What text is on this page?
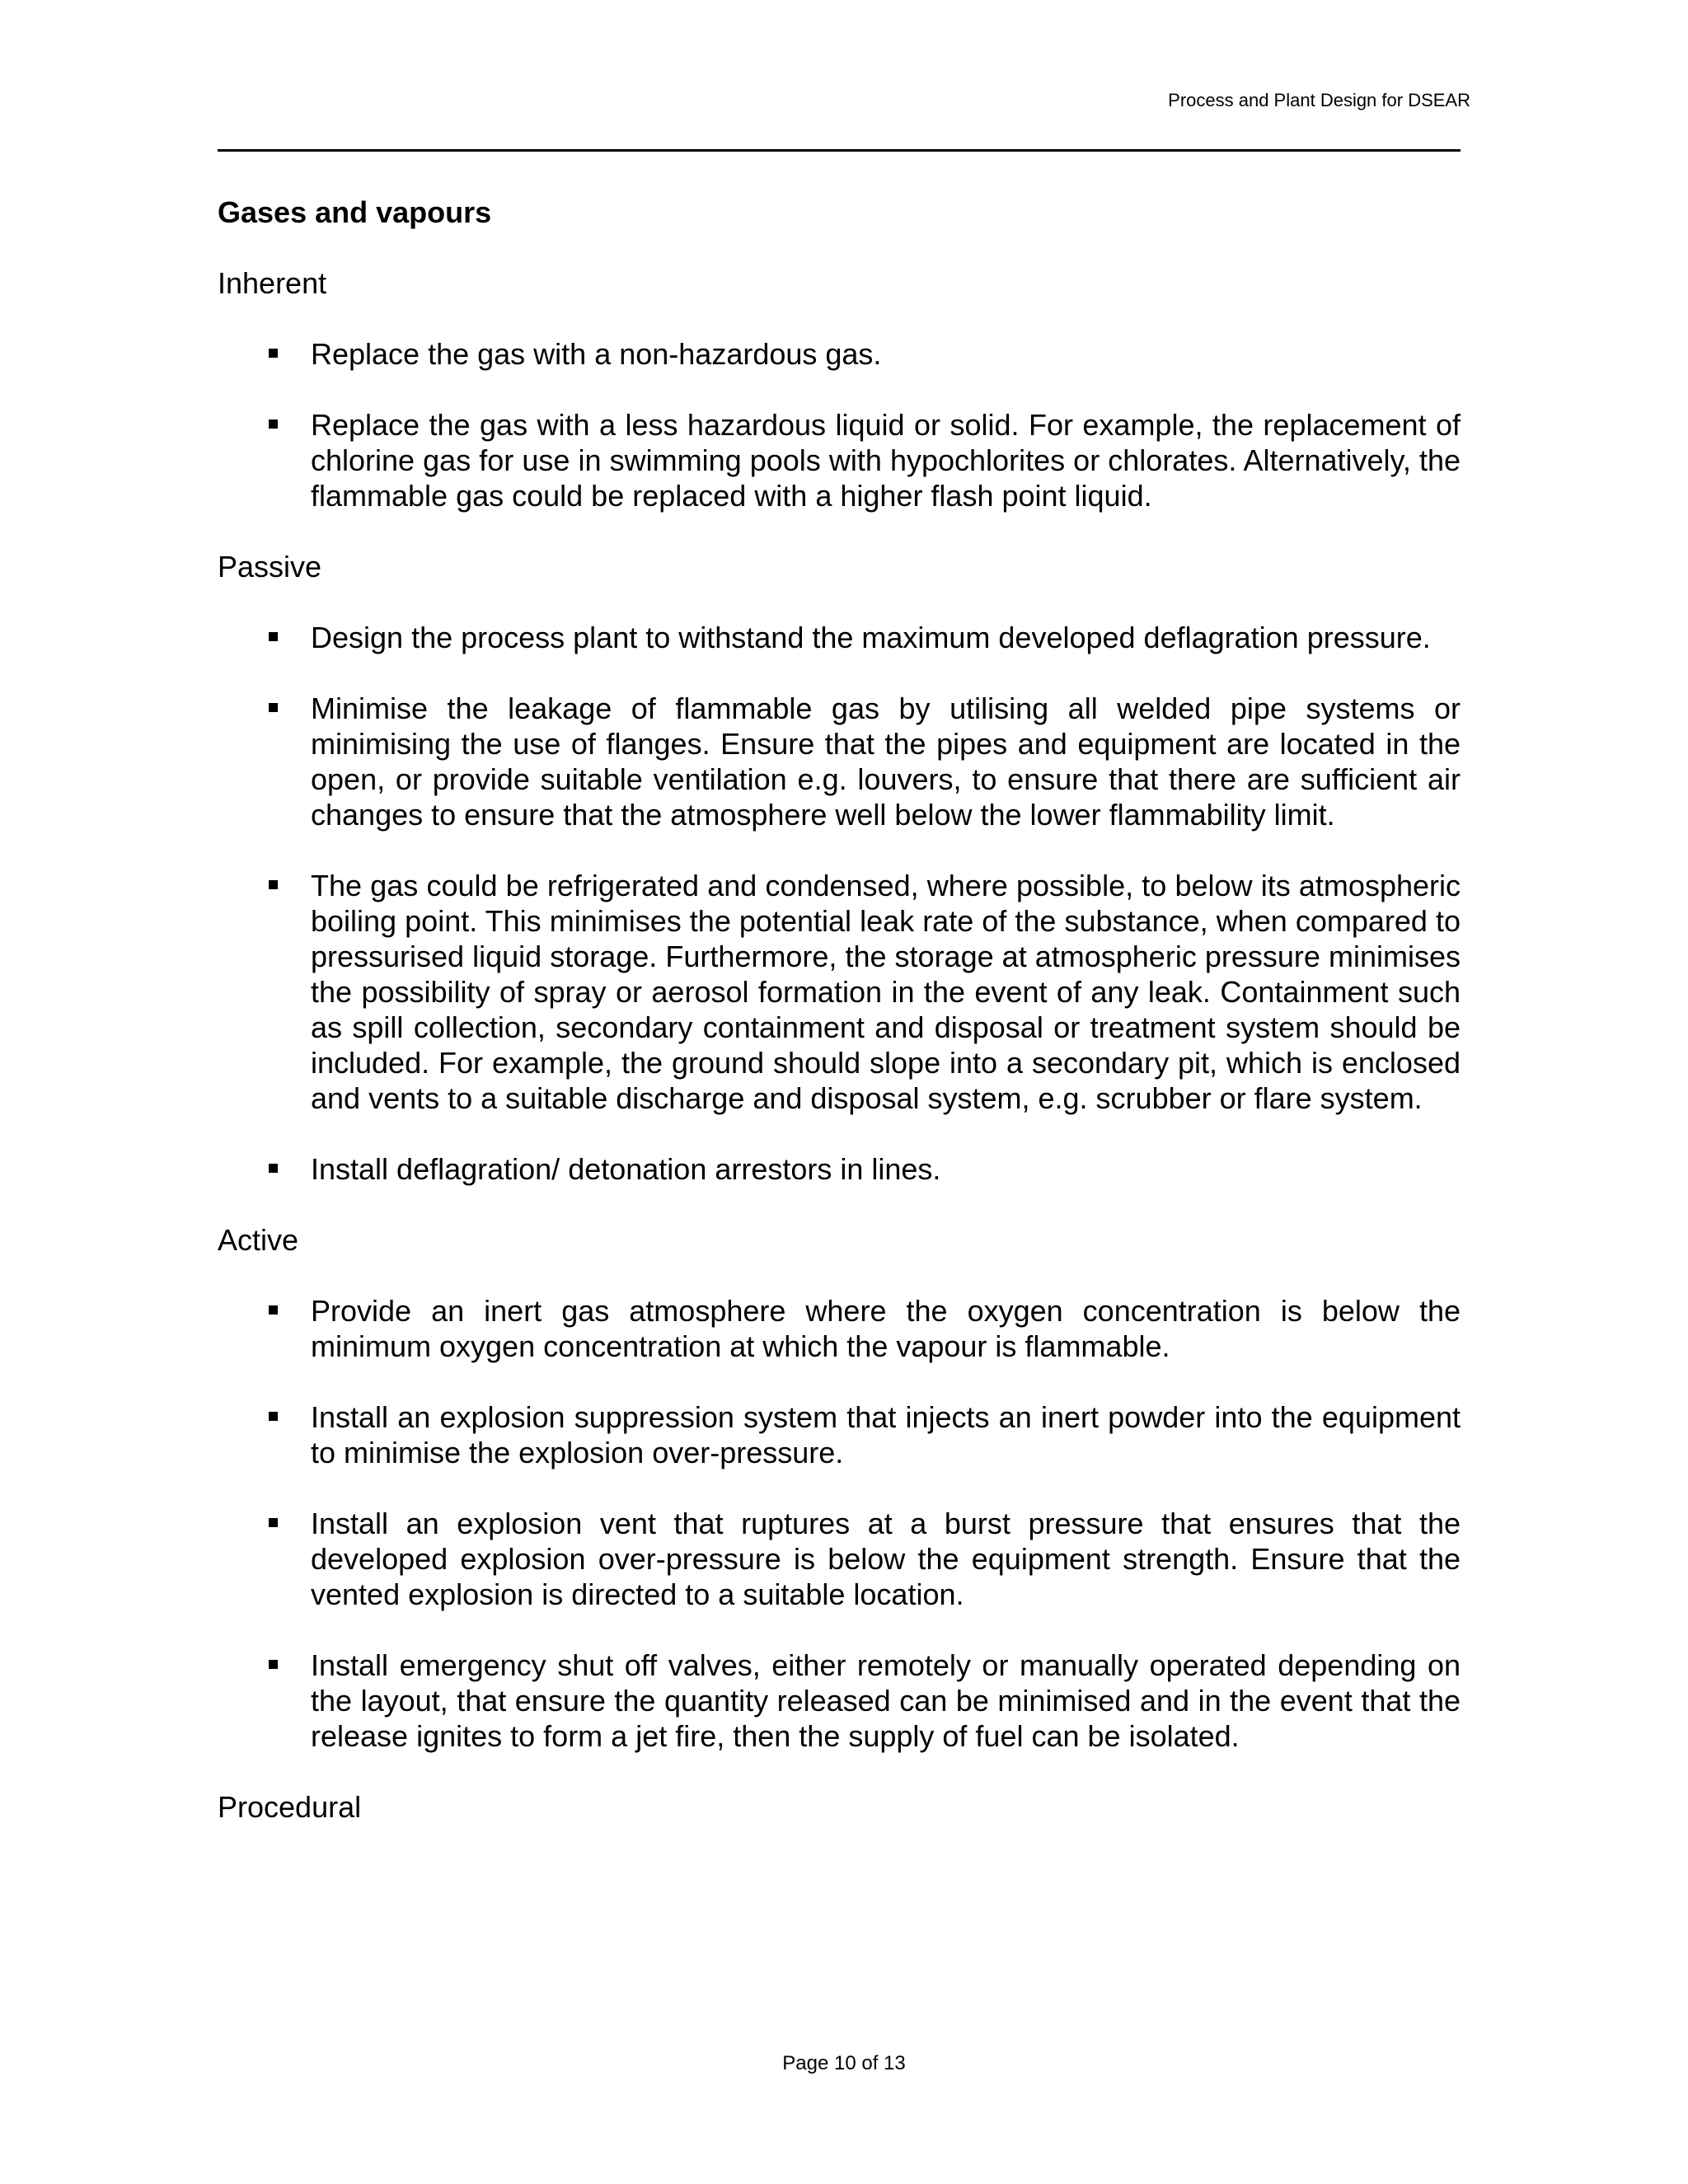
Process and Plant Design for DSEAR
Gases and vapours
Inherent
Replace the gas with a non-hazardous gas.
Replace the gas with a less hazardous liquid or solid. For example, the replacement of chlorine gas for use in swimming pools with hypochlorites or chlorates. Alternatively, the flammable gas could be replaced with a higher flash point liquid.
Passive
Design the process plant to withstand the maximum developed deflagration pressure.
Minimise the leakage of flammable gas by utilising all welded pipe systems or minimising the use of flanges. Ensure that the pipes and equipment are located in the open, or provide suitable ventilation e.g. louvers, to ensure that there are sufficient air changes to ensure that the atmosphere well below the lower flammability limit.
The gas could be refrigerated and condensed, where possible, to below its atmospheric boiling point. This minimises the potential leak rate of the substance, when compared to pressurised liquid storage. Furthermore, the storage at atmospheric pressure minimises the possibility of spray or aerosol formation in the event of any leak. Containment such as spill collection, secondary containment and disposal or treatment system should be included. For example, the ground should slope into a secondary pit, which is enclosed and vents to a suitable discharge and disposal system, e.g. scrubber or flare system.
Install deflagration/ detonation arrestors in lines.
Active
Provide an inert gas atmosphere where the oxygen concentration is below the minimum oxygen concentration at which the vapour is flammable.
Install an explosion suppression system that injects an inert powder into the equipment to minimise the explosion over-pressure.
Install an explosion vent that ruptures at a burst pressure that ensures that the developed explosion over-pressure is below the equipment strength. Ensure that the vented explosion is directed to a suitable location.
Install emergency shut off valves, either remotely or manually operated depending on the layout, that ensure the quantity released can be minimised and in the event that the release ignites to form a jet fire, then the supply of fuel can be isolated.
Procedural
Page 10 of 13
